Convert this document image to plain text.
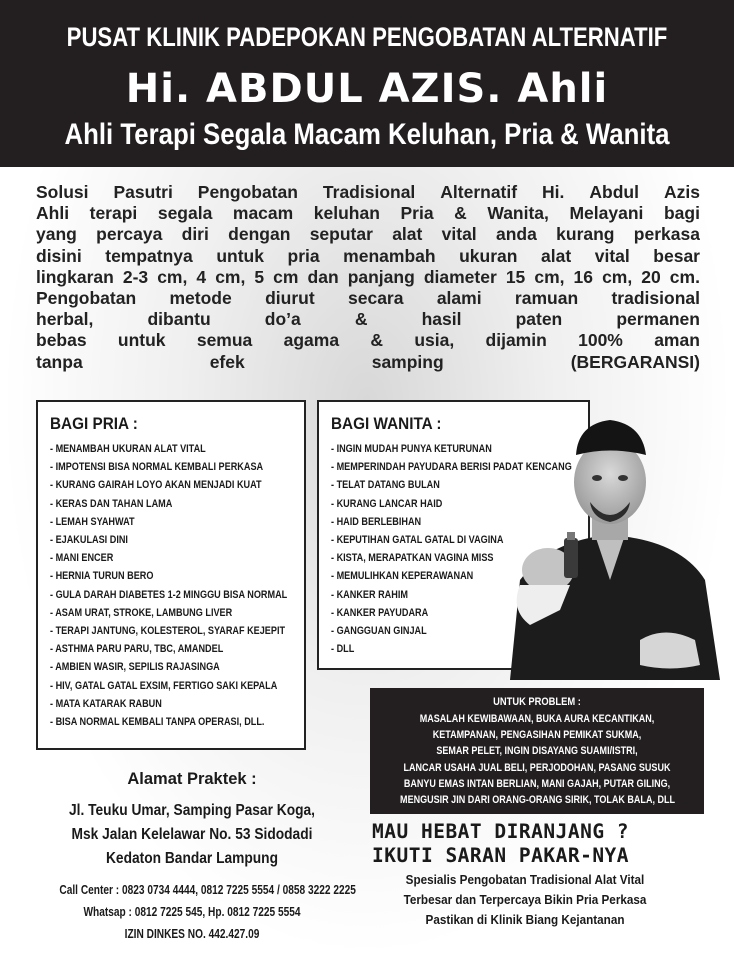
PUSAT KLINIK PADEPOKAN PENGOBATAN ALTERNATIF
Hi. ABDUL AZIS. Ahli
Ahli Terapi Segala Macam Keluhan, Pria & Wanita
Solusi Pasutri Pengobatan Tradisional Alternatif Hi. Abdul Azis
Ahli terapi segala macam keluhan Pria & Wanita, Melayani bagi
yang percaya diri dengan seputar alat vital anda kurang perkasa
disini tempatnya untuk pria menambah ukuran alat vital besar
lingkaran 2-3 cm, 4 cm, 5 cm dan panjang diameter 15 cm, 16 cm, 20 cm.
Pengobatan metode diurut secara alami ramuan tradisional
herbal,	dibantu	do’a	&	hasil	paten	permanen
bebas untuk semua agama & usia, dijamin 100% aman
tanpa	efek	samping	(BERGARANSI)
BAGI PRIA :
- MENAMBAH UKURAN ALAT VITAL
- IMPOTENSI BISA NORMAL KEMBALI PERKASA
- KURANG GAIRAH LOYO AKAN MENJADI KUAT
- KERAS DAN TAHAN LAMA
- LEMAH SYAHWAT
- EJAKULASI DINI
- MANI ENCER
- HERNIA TURUN BERO
- GULA DARAH DIABETES 1-2 MINGGU BISA NORMAL
- ASAM URAT, STROKE, LAMBUNG LIVER
- TERAPI JANTUNG, KOLESTEROL, SYARAF KEJEPIT
- ASTHMA PARU PARU, TBC, AMANDEL
- AMBIEN WASIR, SEPILIS RAJASINGA
- HIV, GATAL GATAL EXSIM, FERTIGO SAKI KEPALA
- MATA KATARAK RABUN
- BISA NORMAL KEMBALI TANPA OPERASI, DLL.
BAGI WANITA :
- INGIN MUDAH PUNYA KETURUNAN
- MEMPERINDAH PAYUDARA BERISI PADAT KENCANG
- TELAT DATANG BULAN
- KURANG LANCAR HAID
- HAID BERLEBIHAN
- KEPUTIHAN GATAL GATAL DI VAGINA
- KISTA, MERAPATKAN VAGINA MISS
- MEMULIHKAN KEPERAWANAN
- KANKER RAHIM
- KANKER PAYUDARA
- GANGGUAN GINJAL
- DLL
UNTUK PROBLEM :
MASALAH KEWIBAWAAN, BUKA AURA KECANTIKAN,
KETAMPANAN, PENGASIHAN PEMIKAT SUKMA,
SEMAR PELET, INGIN DISAYANG SUAMI/ISTRI,
LANCAR USAHA JUAL BELI, PERJODOHAN, PASANG SUSUK
BANYU EMAS INTAN BERLIAN, MANI GAJAH, PUTAR GILING,
MENGUSIR JIN DARI ORANG-ORANG SIRIK, TOLAK BALA, DLL
Alamat Praktek :
Jl. Teuku Umar, Samping Pasar Koga,
Msk Jalan Kelelawar No. 53 Sidodadi
Kedaton Bandar Lampung
Call Center : 0823 0734 4444, 0812 7225 5554 / 0858 3222 2225
Whatsap : 0812 7225 545, Hp. 0812 7225 5554
IZIN DINKES NO. 442.427.09
MAU HEBAT DIRANJANG ?
IKUTI SARAN PAKAR-NYA
Spesialis Pengobatan Tradisional Alat Vital
Terbesar dan Terpercaya Bikin Pria Perkasa
Pastikan di Klinik Biang Kejantanan
